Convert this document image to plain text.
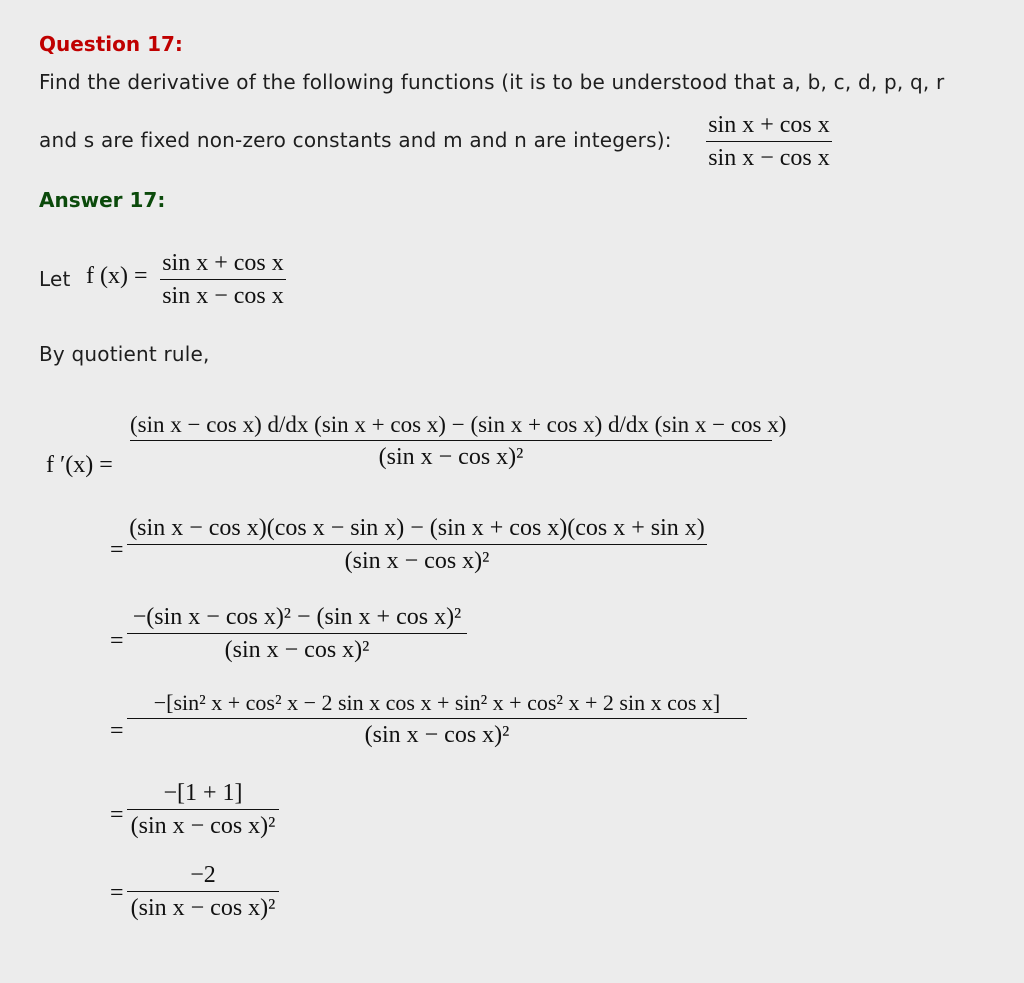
Question 17:
Find the derivative of the following functions (it is to be understood that a, b, c, d, p, q, r
and s are fixed non-zero constants and m and n are integers):
sin x + cos x
sin x − cos x
Answer 17:
Let f (x) = sin x + cos x
sin x − cos x
By quotient rule,
f ′(x) =
(sin x − cos x) d/dx (sin x + cos x) − (sin x + cos x) d/dx (sin x − cos x)
(sin x − cos x)²
=
(sin x − cos x)(cos x − sin x) − (sin x + cos x)(cos x + sin x)
(sin x − cos x)²
=
−(sin x − cos x)² − (sin x + cos x)²
(sin x − cos x)²
=
−[sin² x + cos² x − 2 sin x cos x + sin² x + cos² x + 2 sin x cos x]
(sin x − cos x)²
=
−[1 + 1]
(sin x − cos x)²
=
−2
(sin x − cos x)²
